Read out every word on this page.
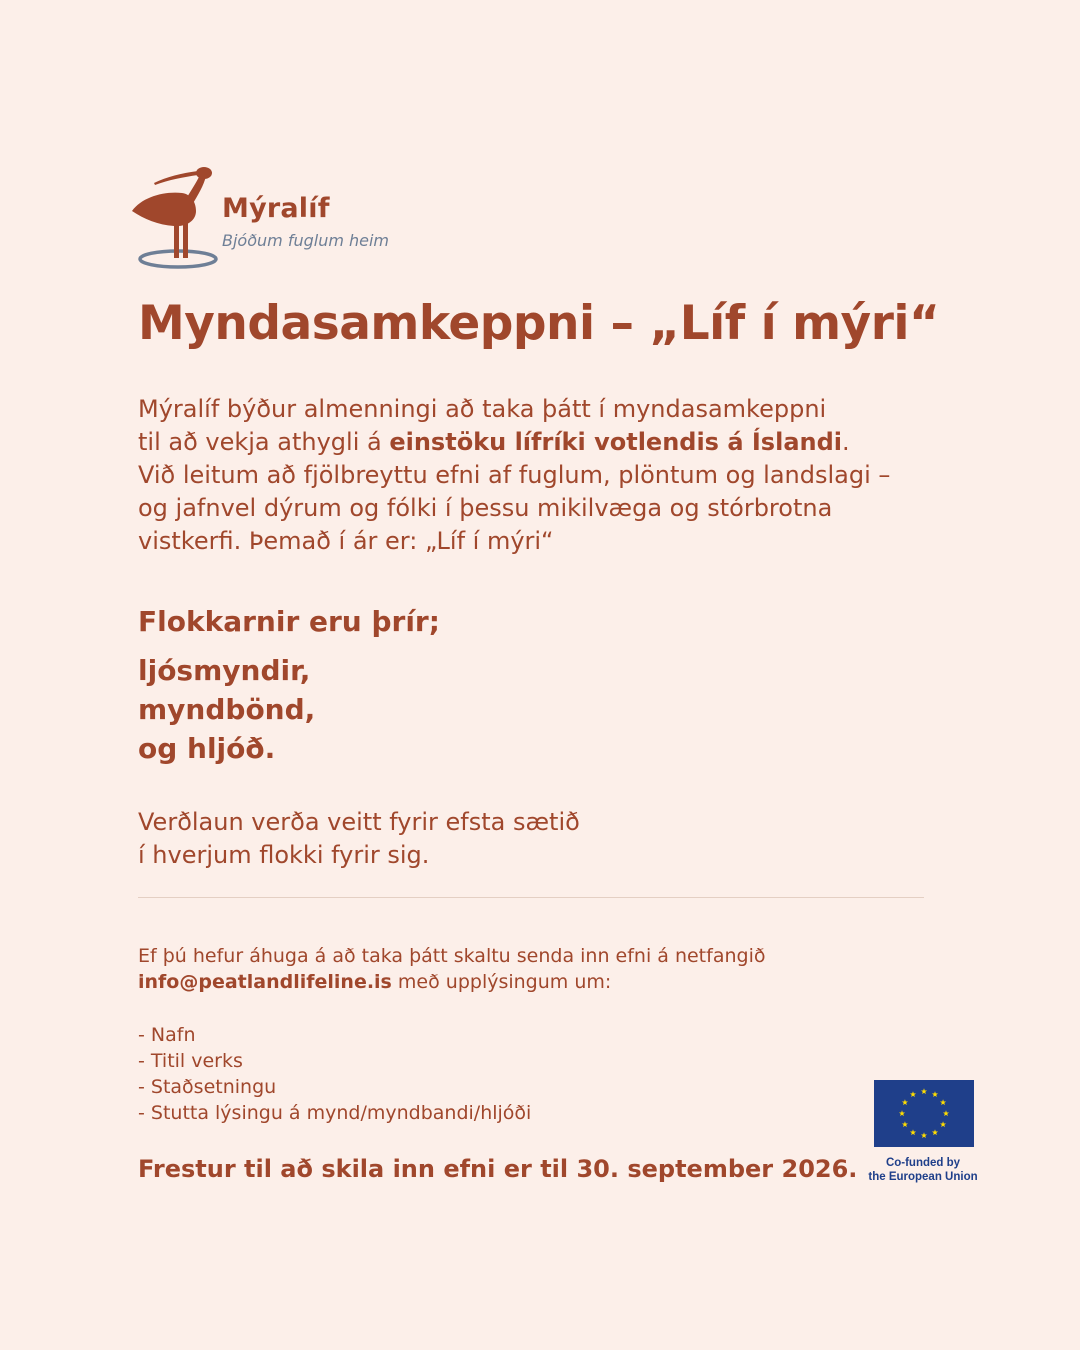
Mýralíf
Bjóðum fuglum heim
Myndasamkeppni – „Líf í mýri“
Mýralíf býður almenningi að taka þátt í myndasamkeppni
til að vekja athygli á einstöku lífríki votlendis á Íslandi.
Við leitum að fjölbreyttu efni af fuglum, plöntum og landslagi –
og jafnvel dýrum og fólki í þessu mikilvæga og stórbrotna
vistkerfi. Þemað í ár er: „Líf í mýri“
Flokkarnir eru þrír;
ljósmyndir,
myndbönd,
og hljóð.
Verðlaun verða veitt fyrir efsta sætið
í hverjum flokki fyrir sig.
Ef þú hefur áhuga á að taka þátt skaltu senda inn efni á netfangið
info@peatlandlifeline.is með upplýsingum um:
- Nafn
- Titil verks
- Staðsetningu
- Stutta lýsingu á mynd/myndbandi/hljóði
Frestur til að skila inn efni er til 30. september 2026.	Co-funded by
the European Union
